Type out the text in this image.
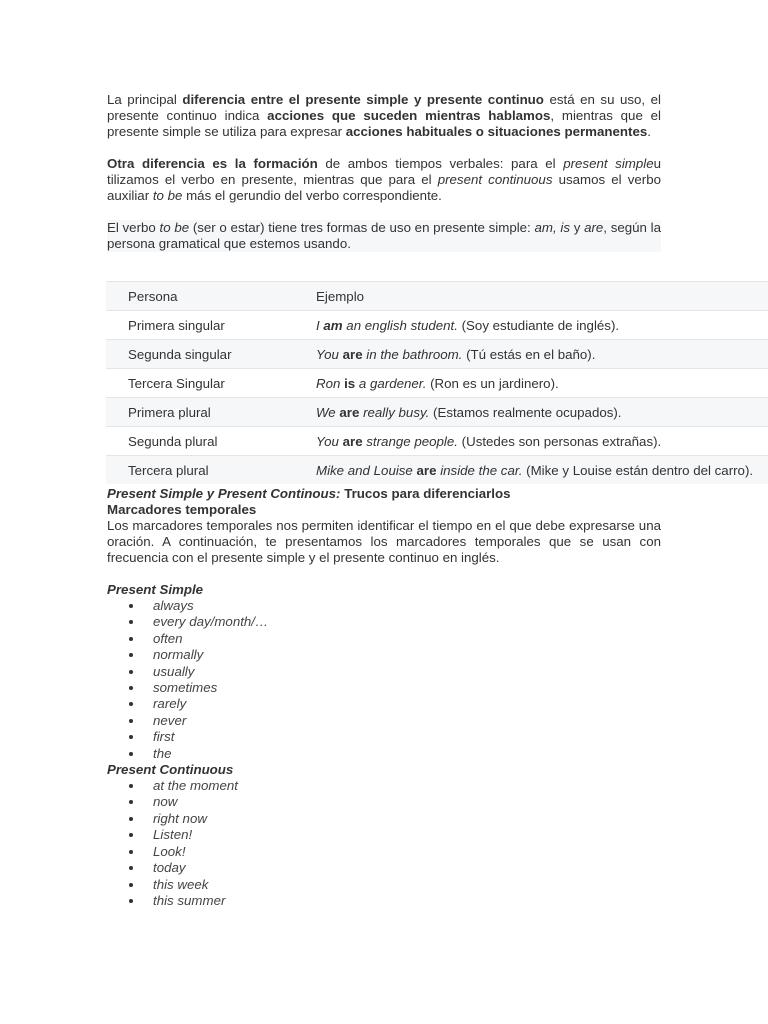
La principal diferencia entre el presente simple y presente continuo está en su uso, el presente continuo indica acciones que suceden mientras hablamos, mientras que el presente simple se utiliza para expresar acciones habituales o situaciones permanentes.

Otra diferencia es la formación de ambos tiempos verbales: para el present simpleu tilizamos el verbo en presente, mientras que para el present continuous usamos el verbo auxiliar to be más el gerundio del verbo correspondiente.

El verbo to be (ser o estar) tiene tres formas de uso en presente simple: am, is y are, según la persona gramatical que estemos usando.

Persona	Ejemplo
Primera singular	I am an english student. (Soy estudiante de inglés).
Segunda singular	You are in the bathroom. (Tú estás en el baño).
Tercera Singular	Ron is a gardener. (Ron es un jardinero).
Primera plural	We are really busy. (Estamos realmente ocupados).
Segunda plural	You are strange people. (Ustedes son personas extrañas).
Tercera plural	Mike and Louise are inside the car. (Mike y Louise están dentro del carro).
Present Simple y Present Continous: Trucos para diferenciarlos
Marcadores temporales

Los marcadores temporales nos permiten identificar el tiempo en el que debe expresarse una oración. A continuación, te presentamos los marcadores temporales que se usan con frecuencia con el presente simple y el presente continuo en inglés.

Present Simple
always
every day/month/…
often
normally
usually
sometimes
rarely
never
first
the
Present Continuous
at the moment
now
right now
Listen!
Look!
today
this week
this summer
